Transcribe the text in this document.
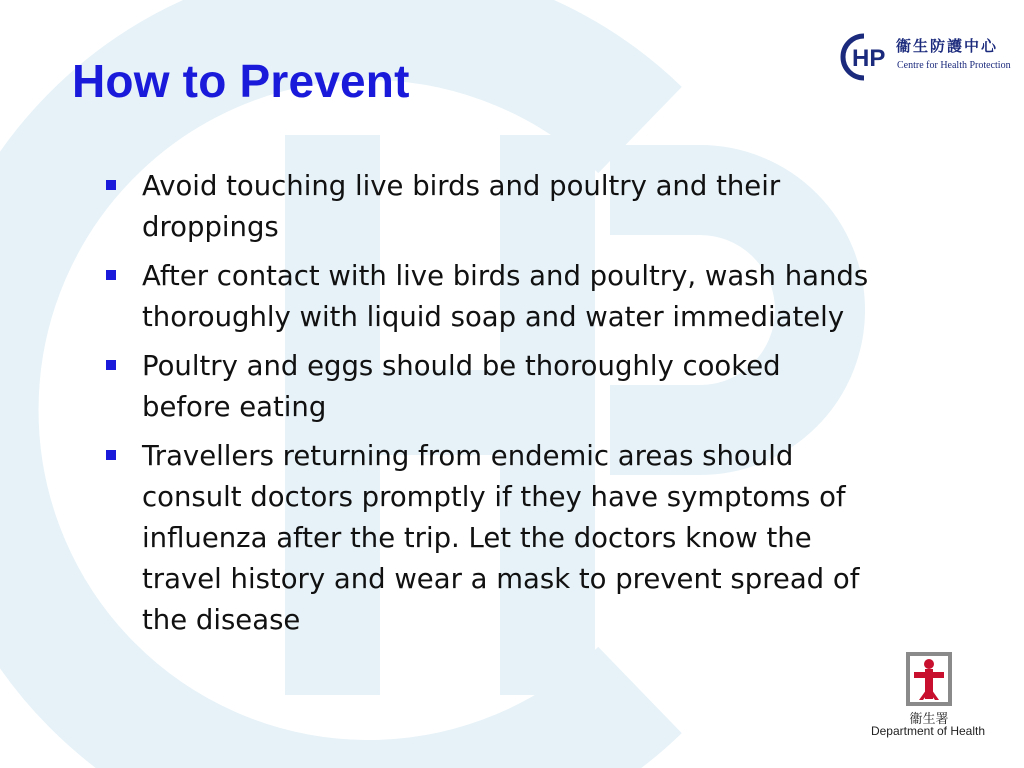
How to Prevent
Avoid touching live birds and poultry and their droppings
After contact with live birds and poultry, wash hands thoroughly with liquid soap and water immediately
Poultry and eggs should be thoroughly cooked before eating
Travellers returning from endemic areas should consult doctors promptly if they have symptoms of influenza after the trip. Let the doctors know the travel history and wear a mask to prevent spread of the disease
HP 衞生防護中心
Centre for Health Protection
衞生署
Department of Health
